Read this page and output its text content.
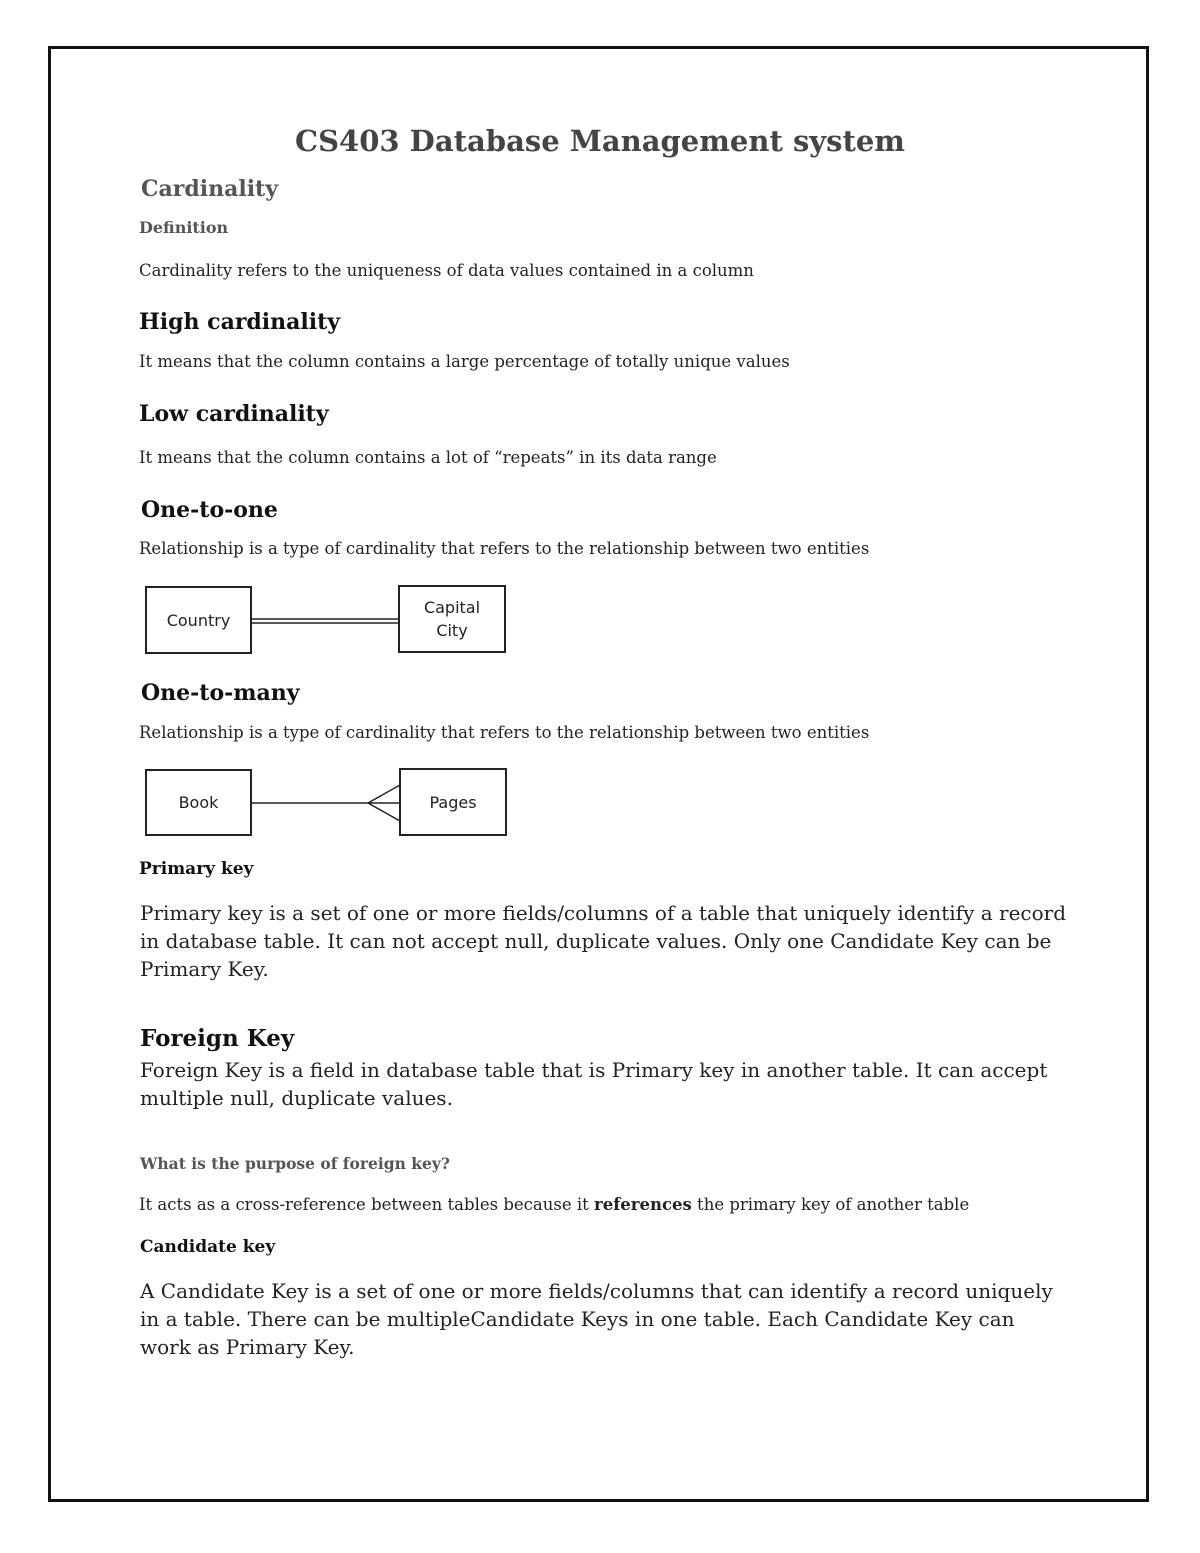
CS403 Database Management system
Cardinality
Definition
Cardinality refers to the uniqueness of data values contained in a column
High cardinality
It means that the column contains a large percentage of totally unique values
Low cardinality
It means that the column contains a lot of “repeats” in its data range
One-to-one
Relationship is a type of cardinality that refers to the relationship between two entities
Country
Capital
City
One-to-many
Relationship is a type of cardinality that refers to the relationship between two entities
Book	Pages
Primary key

Primary key is a set of one or more fields/columns of a table that uniquely identify a record in database table. It can not accept null, duplicate values. Only one Candidate Key can be Primary Key.

Foreign Key

Foreign Key is a field in database table that is Primary key in another table. It can accept multiple null, duplicate values.

What is the purpose of foreign key?
It acts as a cross-reference between tables because it references the primary key of another table
Candidate key

A Candidate Key is a set of one or more fields/columns that can identify a record uniquely in a table. There can be multipleCandidate Keys in one table. Each Candidate Key can work as Primary Key.
